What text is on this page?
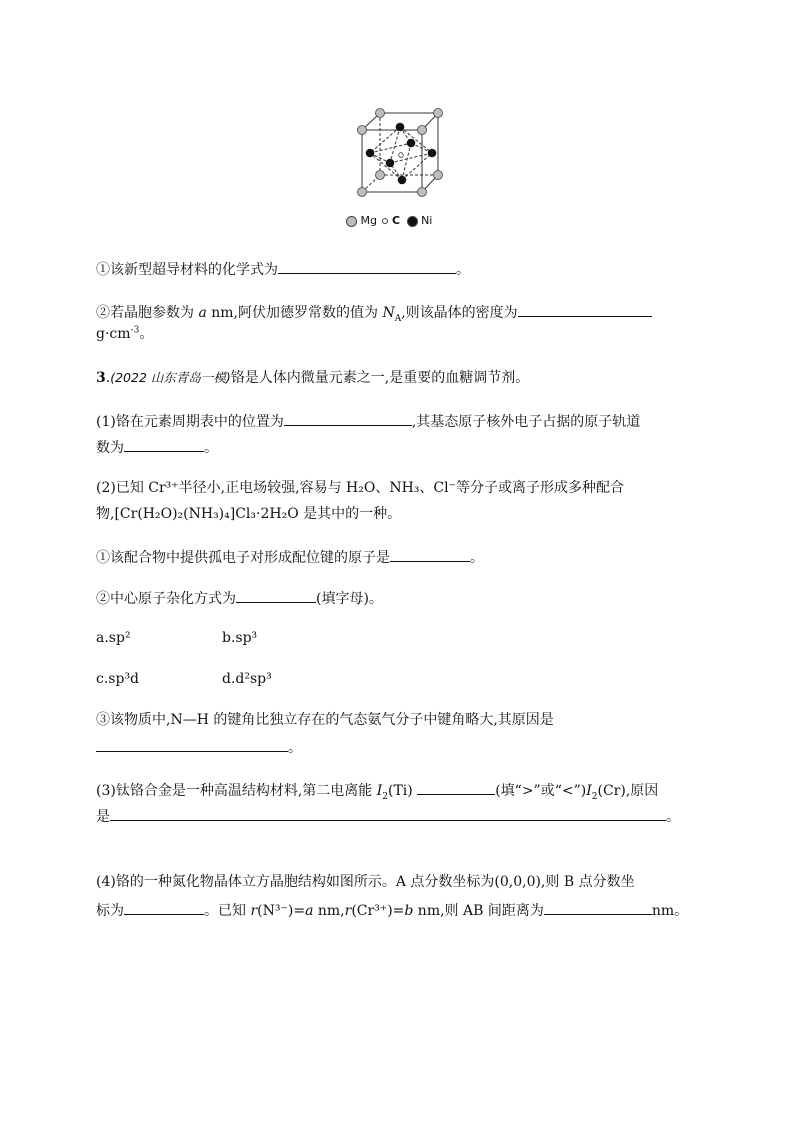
Mg C Ni
①该新型超导材料的化学式为	。
②若晶胞参数为 a nm,阿伏加德罗常数的值为 $N_A$,则该晶体的密度为
$g\cdot cm^{-3}$。
3.(2022 山东青岛一模)铬是人体内微量元素之一,是重要的血糖调节剂。
(1)铬在元素周期表中的位置为	,其基态原子核外电子占据的原子轨道
数为	。
(2)已知 Cr³⁺半径小,正电场较强,容易与 H₂O、NH₃、Cl⁻等分子或离子形成多种配合
物,[Cr(H₂O)₂(NH₃)₄]Cl₃·2H₂O 是其中的一种。
①该配合物中提供孤电子对形成配位键的原子是	。
②中心原子杂化方式为	(填字母)。
a.sp²	b.sp³
c.sp³d	d.d²sp³
③该物质中,N—H 的键角比独立存在的气态氨气分子中键角略大,其原因是
。
(3)钛铬合金是一种高温结构材料,第二电离能 $I_2(Ti)$	(填“>”或“$<”)I_2(Cr)$,原因
是	。
(4)铬的一种氮化物晶体立方晶胞结构如图所示。A 点分数坐标为(0,0,0),则 B 点分数坐
标为	。已知 r(N³⁻)=a nm,r(Cr³⁺)=b nm,则 AB 间距离为	nm。
